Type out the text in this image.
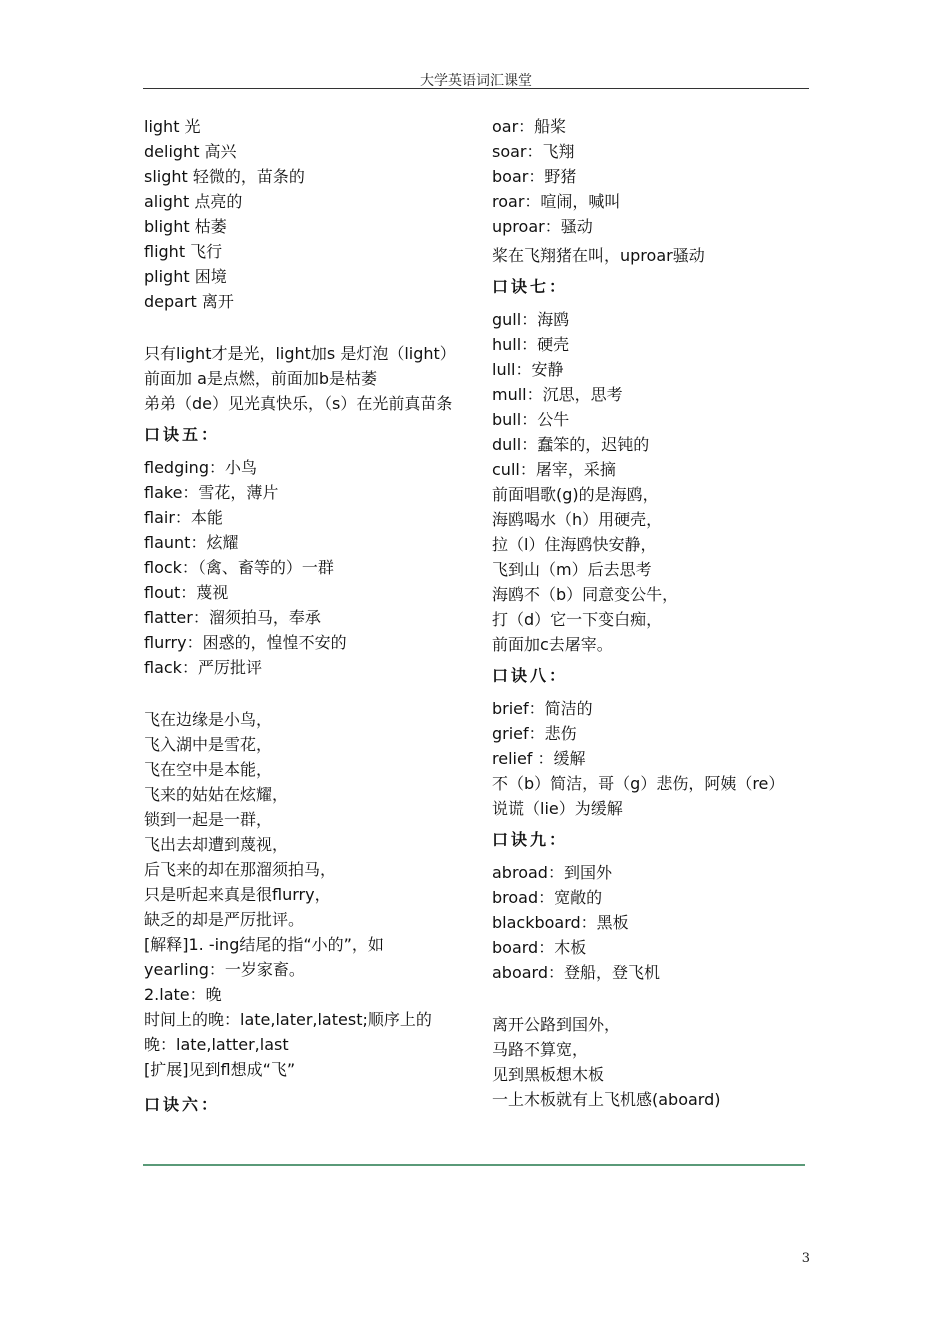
大学英语词汇课堂
light 光
delight 高兴
slight 轻微的，苗条的
alight 点亮的
blight 枯萎
flight 飞行
plight 困境
depart 离开
只有light才是光，light加s 是灯泡（light）
前面加 a是点燃，前面加b是枯萎
弟弟（de）见光真快乐，（s）在光前真苗条
口诀五：
fledging：小鸟
flake：雪花，薄片
flair：本能
flaunt：炫耀
flock：（禽、畜等的）一群
flout：蔑视
flatter：溜须拍马，奉承
flurry：困惑的，惶惶不安的
flack：严厉批评
飞在边缘是小鸟，
飞入湖中是雪花，
飞在空中是本能，
飞来的姑姑在炫耀，
锁到一起是一群，
飞出去却遭到蔑视，
后飞来的却在那溜须拍马，
只是听起来真是很flurry，
缺乏的却是严厉批评。
[解释]1. -ing结尾的指“小的”，如
yearling：一岁家畜。
2.late：晚
时间上的晚：late,later,latest;顺序上的
晚：late,latter,last
[扩展]见到fl想成“飞”
口诀六：
oar：船桨
soar：飞翔
boar：野猪
roar：喧闹，喊叫
uproar：骚动
桨在飞翔猪在叫，uproar骚动
口诀七：
gull：海鸥
hull：硬壳
lull：安静
mull：沉思，思考
bull：公牛
dull：蠢笨的，迟钝的
cull：屠宰，采摘
前面唱歌(g)的是海鸥，
海鸥喝水（h）用硬壳，
拉（l）住海鸥快安静，
飞到山（m）后去思考
海鸥不（b）同意变公牛，
打（d）它一下变白痴，
前面加c去屠宰。
口诀八：
brief：简洁的
grief：悲伤
relief ：缓解
不（b）简洁，哥（g）悲伤，阿姨（re）
说谎（lie）为缓解
口诀九：
abroad：到国外
broad：宽敞的
blackboard：黑板
board：木板
aboard：登船，登飞机
离开公路到国外，
马路不算宽，
见到黑板想木板
一上木板就有上飞机感(aboard)
3
